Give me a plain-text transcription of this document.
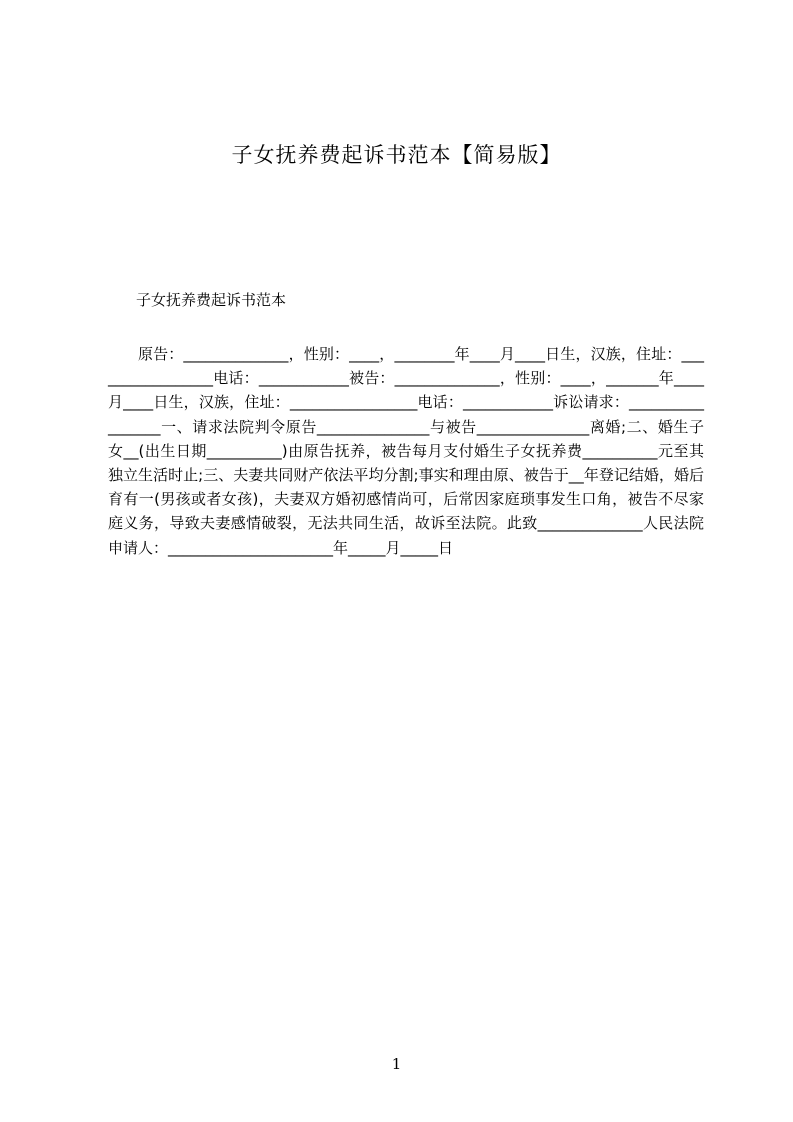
子女抚养费起诉书范本【简易版】

子女抚养费起诉书范本

原告：______________，性别：____，________年____月____日生，汉族，住址：_________________电话：____________被告：______________，性别：____，_______年____月____日生，汉族，住址：_________________电话：____________诉讼请求：_________________一、请求法院判令原告_______________与被告_______________离婚;二、婚生子女__(出生日期__________)由原告抚养，被告每月支付婚生子女抚养费__________元至其独立生活时止;三、夫妻共同财产依法平均分割;事实和理由原、被告于__年登记结婚，婚后育有一(男孩或者女孩)，夫妻双方婚初感情尚可，后常因家庭琐事发生口角，被告不尽家庭义务，导致夫妻感情破裂，无法共同生活，故诉至法院。此致______________人民法院申请人：______________________年_____月_____日

1
